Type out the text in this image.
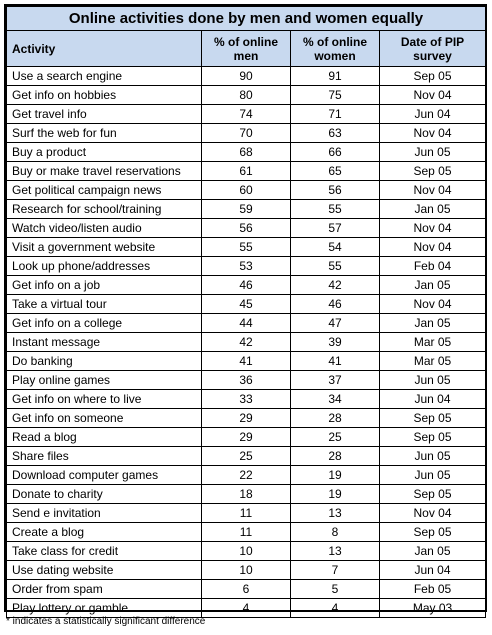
Online activities done by men and women equally			
Activity	% of online men	% of online women	Date of PIP survey
Use a search engine	90	91	Sep 05
Get info on hobbies	80	75	Nov 04
Get travel info	74	71	Jun 04
Surf the web for fun	70	63	Nov 04
Buy a product	68	66	Jun 05
Buy or make travel reservations	61	65	Sep 05
Get political campaign news	60	56	Nov 04
Research for school/training	59	55	Jan 05
Watch video/listen audio	56	57	Nov 04
Visit a government website	55	54	Nov 04
Look up phone/addresses	53	55	Feb 04
Get info on a job	46	42	Jan 05
Take a virtual tour	45	46	Nov 04
Get info on a college	44	47	Jan 05
Instant message	42	39	Mar 05
Do banking	41	41	Mar 05
Play online games	36	37	Jun 05
Get info on where to live	33	34	Jun 04
Get info on someone	29	28	Sep 05
Read a blog	29	25	Sep 05
Share files	25	28	Jun 05
Download computer games	22	19	Jun 05
Donate to charity	18	19	Sep 05
Send e invitation	11	13	Nov 04
Create a blog	11	8	Sep 05
Take class for credit	10	13	Jan 05
Use dating website	10	7	Jun 04
Order from spam	6	5	Feb 05
Play lottery or gamble	4	4	May 03
* indicates a statistically significant difference
